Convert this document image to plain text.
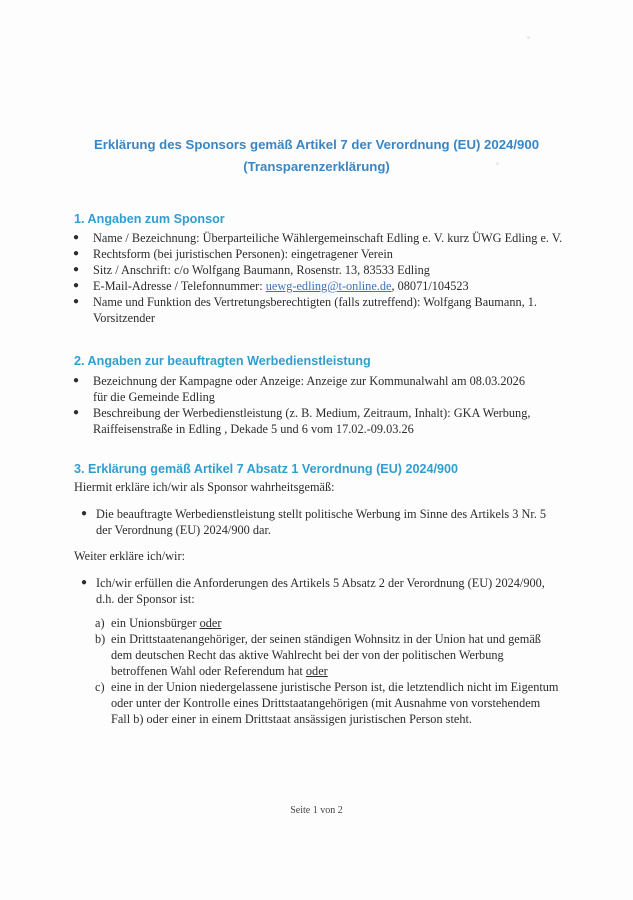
Erklärung des Sponsors gemäß Artikel 7 der Verordnung (EU) 2024/900
(Transparenzerklärung)
1. Angaben zum Sponsor
● Name / Bezeichnung: Überparteiliche Wählergemeinschaft Edling e. V. kurz ÜWG Edling e. V.
● Rechtsform (bei juristischen Personen): eingetragener Verein
● Sitz / Anschrift: c/o Wolfgang Baumann, Rosenstr. 13, 83533 Edling
● E-Mail-Adresse / Telefonnummer: uewg-edling@t-online.de, 08071/104523
● Name und Funktion des Vertretungsberechtigten (falls zutreffend): Wolfgang Baumann, 1.
Vorsitzender
2. Angaben zur beauftragten Werbedienstleistung
● Bezeichnung der Kampagne oder Anzeige: Anzeige zur Kommunalwahl am 08.03.2026
für die Gemeinde Edling
● Beschreibung der Werbedienstleistung (z. B. Medium, Zeitraum, Inhalt): GKA Werbung,
Raiffeisenstraße in Edling , Dekade 5 und 6 vom 17.02.-09.03.26
3. Erklärung gemäß Artikel 7 Absatz 1 Verordnung (EU) 2024/900
Hiermit erkläre ich/wir als Sponsor wahrheitsgemäß:
● Die beauftragte Werbedienstleistung stellt politische Werbung im Sinne des Artikels 3 Nr. 5
der Verordnung (EU) 2024/900 dar.
Weiter erkläre ich/wir:
● Ich/wir erfüllen die Anforderungen des Artikels 5 Absatz 2 der Verordnung (EU) 2024/900,
d.h. der Sponsor ist:
a) ein Unionsbürger oder
b) ein Drittstaatenangehöriger, der seinen ständigen Wohnsitz in der Union hat und gemäß
dem deutschen Recht das aktive Wahlrecht bei der von der politischen Werbung
betroffenen Wahl oder Referendum hat oder
c) eine in der Union niedergelassene juristische Person ist, die letztendlich nicht im Eigentum
oder unter der Kontrolle eines Drittstaatangehörigen (mit Ausnahme von vorstehendem
Fall b) oder einer in einem Drittstaat ansässigen juristischen Person steht.
Seite 1 von 2
